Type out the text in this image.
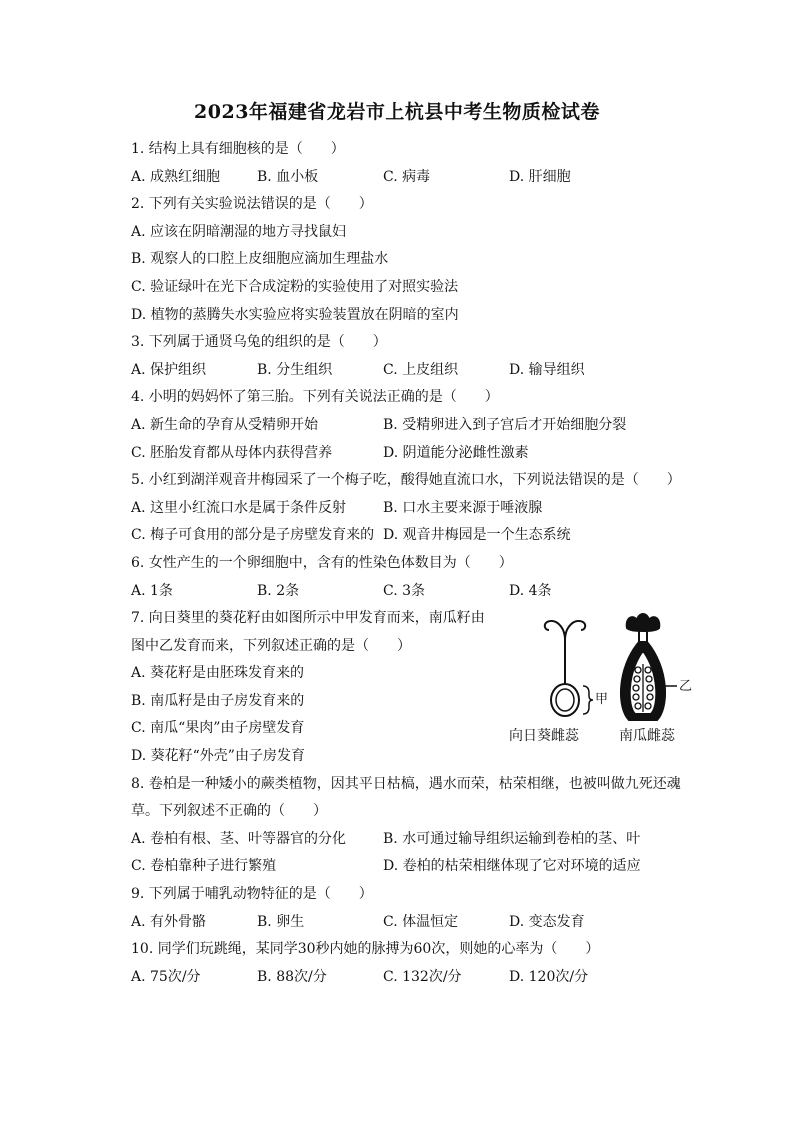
2023年福建省龙岩市上杭县中考生物质检试卷
1. 结构上具有细胞核的是（　　）
A. 成熟红细胞	B. 血小板	C. 病毒	D. 肝细胞
2. 下列有关实验说法错误的是（　　）
A. 应该在阴暗潮湿的地方寻找鼠妇
B. 观察人的口腔上皮细胞应滴加生理盐水
C. 验证绿叶在光下合成淀粉的实验使用了对照实验法
D. 植物的蒸腾失水实验应将实验装置放在阴暗的室内
3. 下列属于通贤乌兔的组织的是（　　）
A. 保护组织	B. 分生组织	C. 上皮组织	D. 输导组织
4. 小明的妈妈怀了第三胎。下列有关说法正确的是（　　）
A. 新生命的孕育从受精卵开始	B. 受精卵进入到子宫后才开始细胞分裂
C. 胚胎发育都从母体内获得营养	D. 阴道能分泌雌性激素
5. 小红到湖洋观音井梅园采了一个梅子吃，酸得她直流口水，下列说法错误的是（　　）
A. 这里小红流口水是属于条件反射	B. 口水主要来源于唾液腺
C. 梅子可食用的部分是子房壁发育来的 D. 观音井梅园是一个生态系统
6. 女性产生的一个卵细胞中，含有的性染色体数目为（　　）
A. 1条	B. 2条	C. 3条	D. 4条
7. 向日葵里的葵花籽由如图所示中甲发育而来，南瓜籽由
图中乙发育而来，下列叙述正确的是（　　）
A. 葵花籽是由胚珠发育来的
B. 南瓜籽是由子房发育来的
C. 南瓜“果肉”由子房壁发育
D. 葵花籽“外壳”由子房发育
8. 卷柏是一种矮小的蕨类植物，因其平日枯槁，遇水而荣，枯荣相继，也被叫做九死还魂
草。下列叙述不正确的（　　）
A. 卷柏有根、茎、叶等器官的分化	B. 水可通过输导组织运输到卷柏的茎、叶
C. 卷柏靠种子进行繁殖	D. 卷柏的枯荣相继体现了它对环境的适应
9. 下列属于哺乳动物特征的是（　　）
A. 有外骨骼	B. 卵生	C. 体温恒定	D. 变态发育
10. 同学们玩跳绳，某同学30秒内她的脉搏为60次，则她的心率为（　　）
A. 75次/分	B. 88次/分	C. 132次/分	D. 120次/分
甲
乙
向日葵雌蕊	南瓜雌蕊
